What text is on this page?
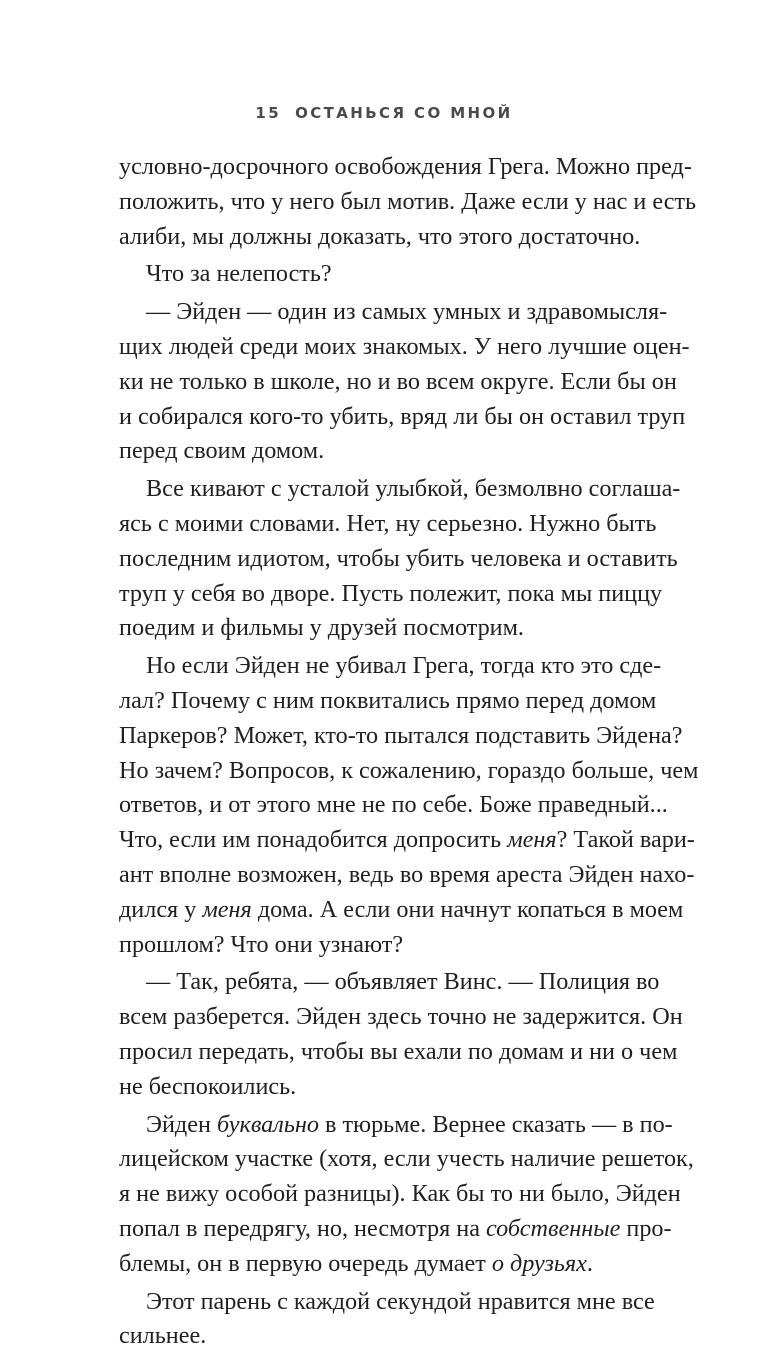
15 ОСТАНЬСЯ СО МНОЙ
условно-досрочного освобождения Грега. Можно пред-
положить, что у него был мотив. Даже если у нас и есть
алиби, мы должны доказать, что этого достаточно.
Что за нелепость?
— Эйден — один из самых умных и здравомысля-
щих людей среди моих знакомых. У него лучшие оцен-
ки не только в школе, но и во всем округе. Если бы он
и собирался кого-то убить, вряд ли бы он оставил труп
перед своим домом.
Все кивают с усталой улыбкой, безмолвно соглаша-
ясь с моими словами. Нет, ну серьезно. Нужно быть
последним идиотом, чтобы убить человека и оставить
труп у себя во дворе. Пусть полежит, пока мы пиццу
поедим и фильмы у друзей посмотрим.
Но если Эйден не убивал Грега, тогда кто это сде-
лал? Почему с ним поквитались прямо перед домом
Паркеров? Может, кто-то пытался подставить Эйдена?
Но зачем? Вопросов, к сожалению, гораздо больше, чем
ответов, и от этого мне не по себе. Боже праведный...
Что, если им понадобится допросить меня? Такой вари-
ант вполне возможен, ведь во время ареста Эйден нахо-
дился у меня дома. А если они начнут копаться в моем
прошлом? Что они узнают?
— Так, ребята, — объявляет Винс. — Полиция во
всем разберется. Эйден здесь точно не задержится. Он
просил передать, чтобы вы ехали по домам и ни о чем
не беспокоились.
Эйден буквально в тюрьме. Вернее сказать — в по-
лицейском участке (хотя, если учесть наличие решеток,
я не вижу особой разницы). Как бы то ни было, Эйден
попал в передрягу, но, несмотря на собственные про-
блемы, он в первую очередь думает о друзьях.
Этот парень с каждой секундой нравится мне все
сильнее.
